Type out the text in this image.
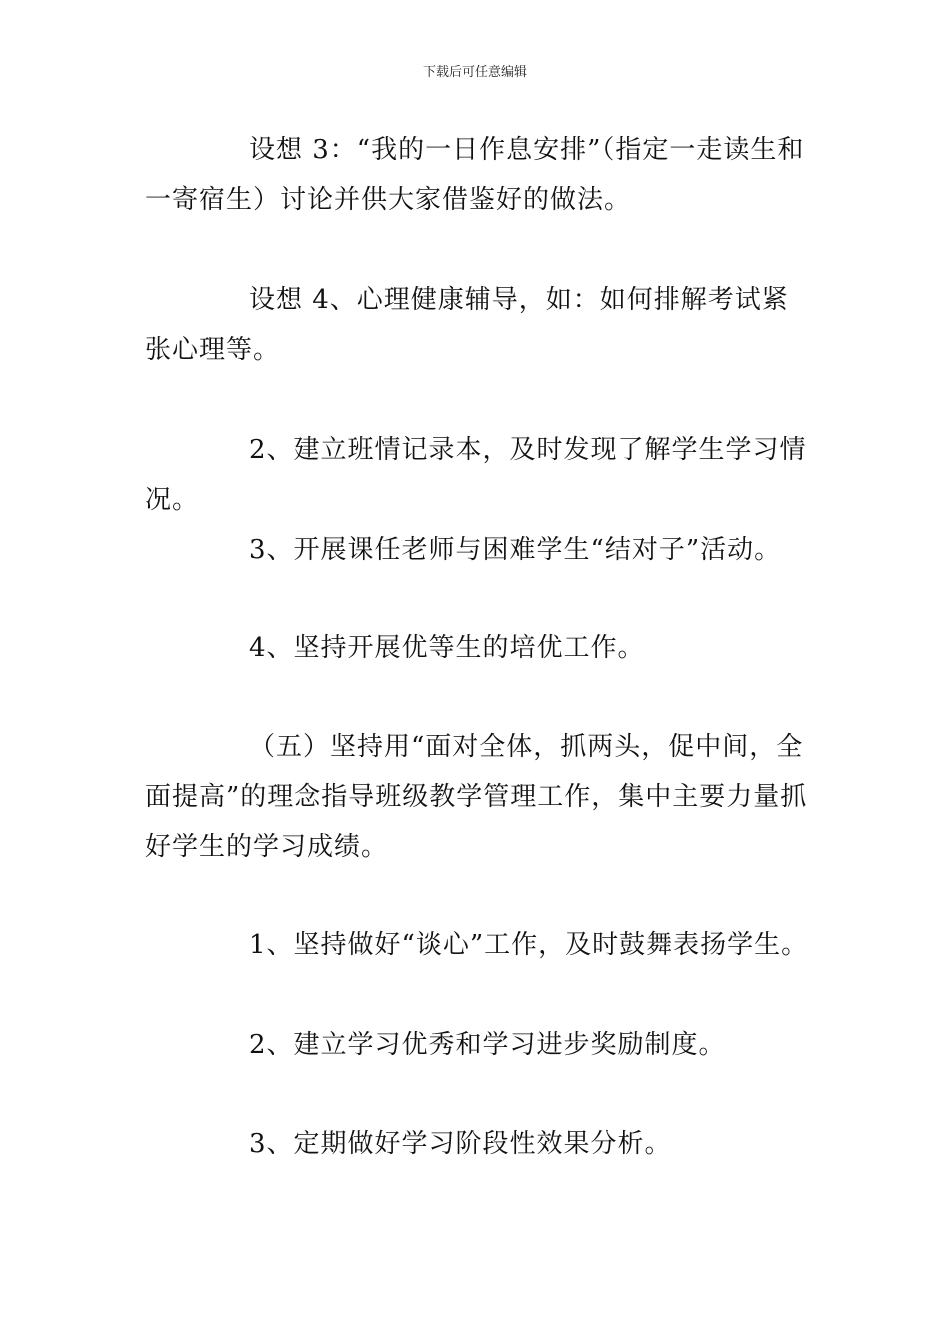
下载后可任意编辑

设想 3：“我的一日作息安排”（指定一走读生和一寄宿生）讨论并供大家借鉴好的做法。

设想 4、心理健康辅导，如：如何排解考试紧张心理等。

2、建立班情记录本，及时发现了解学生学习情况。

3、开展课任老师与困难学生“结对子”活动。

4、坚持开展优等生的培优工作。

（五）坚持用“面对全体，抓两头，促中间，全面提高”的理念指导班级教学管理工作，集中主要力量抓好学生的学习成绩。

1、坚持做好“谈心”工作，及时鼓舞表扬学生。

2、建立学习优秀和学习进步奖励制度。

3、定期做好学习阶段性效果分析。
